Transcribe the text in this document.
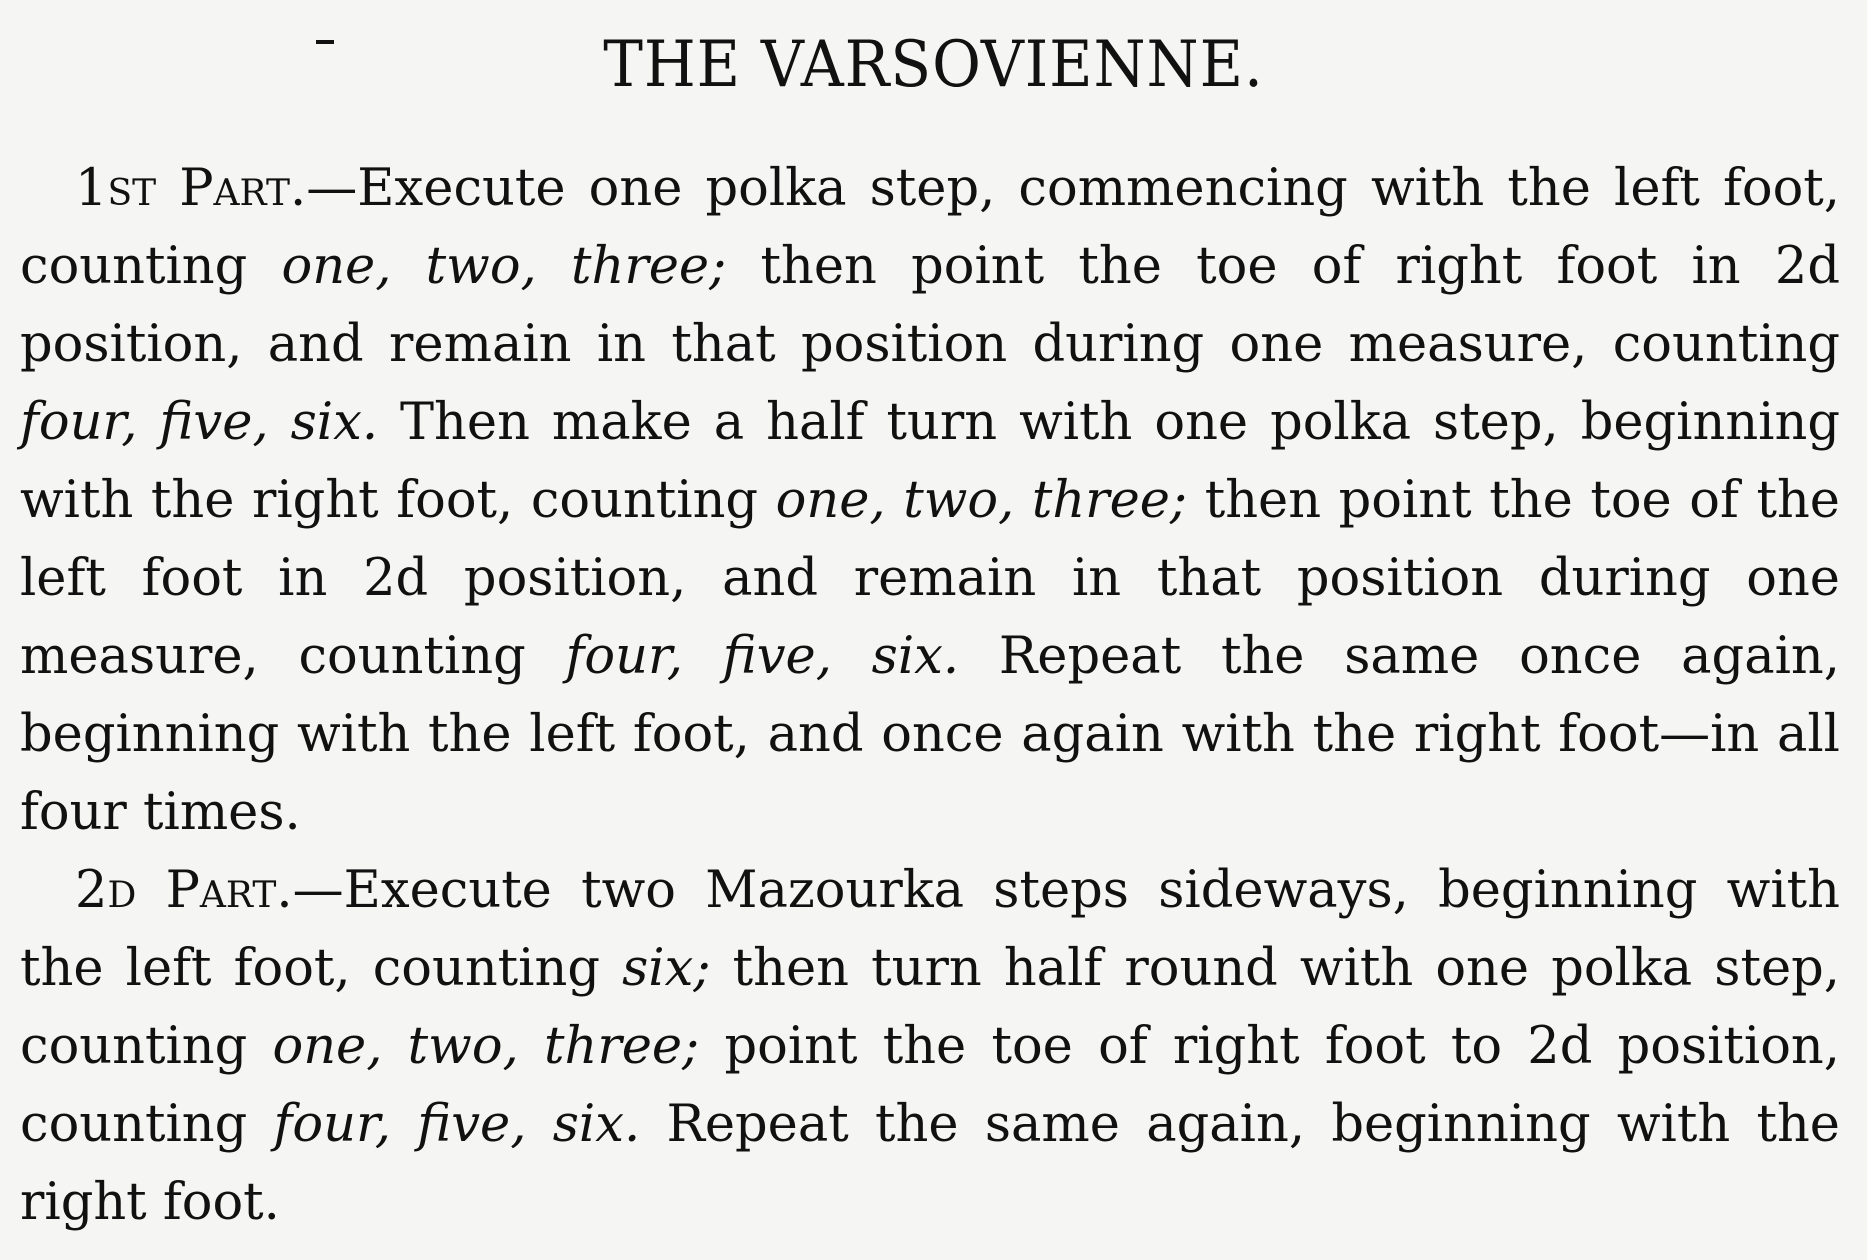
THE VARSOVIENNE.

1st Part.—Execute one polka step, commencing with the left foot, counting one, two, three; then point the toe of right foot in 2d position, and remain in that position during one measure, counting four, five, six. Then make a half turn with one polka step, beginning with the right foot, counting one, two, three; then point the toe of the left foot in 2d position, and remain in that position during one measure, counting four, five, six. Repeat the same once again, beginning with the left foot, and once again with the right foot—in all four times.

2d Part.—Execute two Mazourka steps sideways, beginning with the left foot, counting six; then turn half round with one polka step, counting one, two, three; point the toe of right foot to 2d position, counting four, five, six. Repeat the same again, beginning with the right foot.
